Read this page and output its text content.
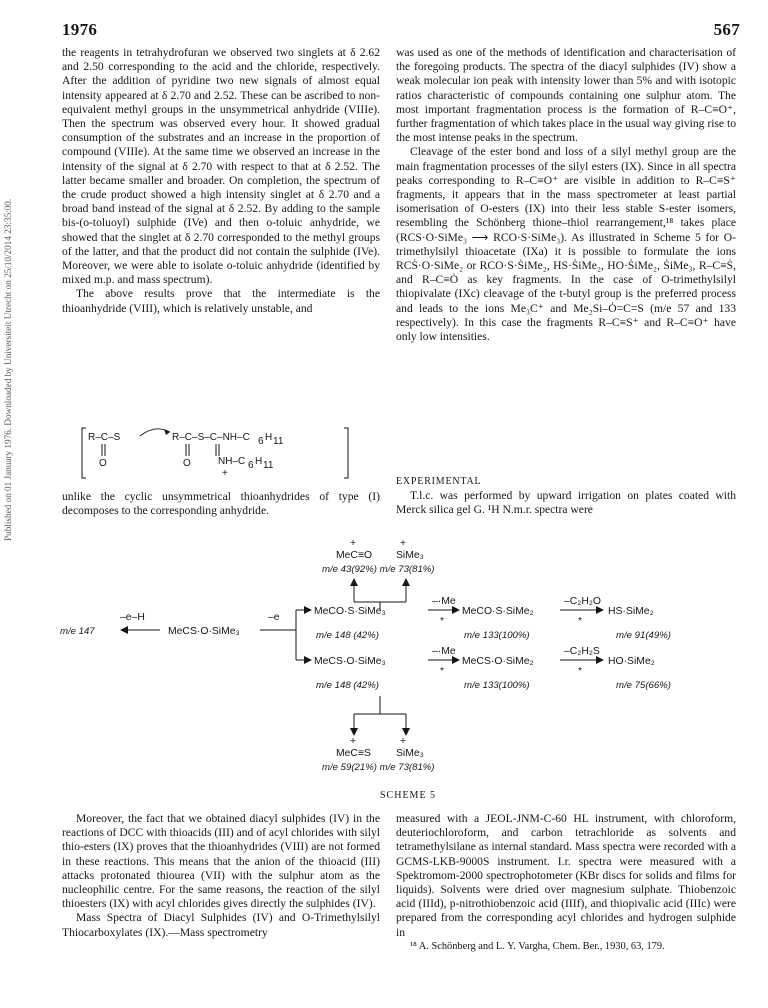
Published on 01 January 1976. Downloaded by Universiteit Utrecht on 25/10/2014 23:35:00.
1976	567

the reagents in tetrahydrofuran we observed two singlets at δ 2.62 and 2.50 corresponding to the acid and the chloride, respectively. After the addition of pyridine two new signals of almost equal intensity appeared at δ 2.70 and 2.52. These can be ascribed to non-equivalent methyl groups in the unsymmetrical anhydride (VIIIe). Then the spectrum was observed every hour. It showed gradual consumption of the substrates and an increase in the proportion of compound (VIIIe). At the same time we observed an increase in the intensity of the signal at δ 2.70 with respect to that at δ 2.52. The latter became smaller and broader. On completion, the spectrum of the crude product showed a high intensity singlet at δ 2.70 and a broad band instead of the signal at δ 2.52. By adding to the sample bis-(o-toluoyl) sulphide (IVe) and then o-toluic anhydride, we showed that the singlet at δ 2.70 corresponded to the methyl groups of the latter, and that the product did not contain the sulphide (IVe). Moreover, we were able to isolate o-toluic anhydride (identified by mixed m.p. and mass spectrum).

The above results prove that the intermediate is the thioanhydride (VIII), which is relatively unstable, and

R–C–S
O
R–C–S–C–NH–C 6 H 11
O	NH–C 6 H 11
+

unlike the cyclic unsymmetrical thioanhydrides of type (I) decomposes to the corresponding anhydride.

was used as one of the methods of identification and characterisation of the foregoing products. The spectra of the diacyl sulphides (IV) show a weak molecular ion peak with intensity lower than 5% and with isotopic ratios characteristic of compounds containing one sulphur atom. The most important fragmentation process is the formation of R–C≡O⁺, further fragmentation of which takes place in the usual way giving rise to the most intense peaks in the spectrum.

Cleavage of the ester bond and loss of a silyl methyl group are the main fragmentation processes of the silyl esters (IX). Since in all spectra peaks corresponding to R–C≡O⁺ are visible in addition to R–C≡S⁺ fragments, it appears that in the mass spectrometer at least partial isomerisation of O-esters (IX) into their less stable S-ester isomers, resembling the Schönberg thione–thiol rearrangement,¹⁸ takes place (RCS·O·SiMe₃ ⟶ RCO·S·SiMe₃). As illustrated in Scheme 5 for O-trimethylsilyl thioacetate (IXa) it is possible to formulate the ions RCṠ·O·SiMe₂ or RCO·S·ṠiMe₂, HS·ṠiMe₂, HO·ṠiMe₂, ṠiMe₃, R–C≡Ṡ, and R–C≡Ȯ as key fragments. In the case of O-trimethylsilyl thiopivalate (IXc) cleavage of the t-butyl group is the preferred process and leads to the ions Me₃C⁺ and Me₂Si–Ȯ=C=S (m/e 57 and 133 respectively). In this case the fragments R–C≡S⁺ and R–C≡O⁺ have only low intensities.

EXPERIMENTAL

T.l.c. was performed by upward irrigation on plates coated with Merck silica gel G. ¹H N.m.r. spectra were

+	+
MeC≡O SiMe₃
m/e 43(92%) m/e 73(81%)
m/e 147
–e–H
MeCS·O·SiMe₃
–e
MeCO·S·SiMe₃
m/e 148 (42%)
–·Me
*
MeCO·S·SiMe₂
m/e 133(100%)
–C₂H₂O
*
HS·SiMe₂
m/e 91(49%)
MeCS·O·SiMe₃
m/e 148 (42%)
–·Me
*
MeCS·O·SiMe₂
m/e 133(100%)
–C₂H₂S
*
HO·SiMe₂
m/e 75(66%)
+	+
MeC≡S SiMe₃
m/e 59(21%) m/e 73(81%)
SCHEME 5

Moreover, the fact that we obtained diacyl sulphides (IV) in the reactions of DCC with thioacids (III) and of acyl chlorides with silyl thio-esters (IX) proves that the thioanhydrides (VIII) are not formed in these reactions. This means that the anion of the thioacid (III) attacks protonated thiourea (VII) with the sulphur atom as the nucleophilic centre. For the same reasons, the reaction of the silyl thioesters (IX) with acyl chlorides gives directly the sulphides (IV).

Mass Spectra of Diacyl Sulphides (IV) and O-Trimethylsilyl Thiocarboxylates (IX).—Mass spectrometry

measured with a JEOL-JNM-C-60 HL instrument, with chloroform, deuteriochloroform, and carbon tetrachloride as solvents and tetramethylsilane as internal standard. Mass spectra were recorded with a GCMS-LKB-9000S instrument. I.r. spectra were measured with a Spektromom-2000 spectrophotometer (KBr discs for solids and films for liquids). Solvents were dried over magnesium sulphate. Thiobenzoic acid (IIId), p-nitrothiobenzoic acid (IIIf), and thiopivalic acid (IIIc) were prepared from the corresponding acyl chlorides and hydrogen sulphide in

¹⁸ A. Schönberg and L. Y. Vargha, Chem. Ber., 1930, 63, 179.
